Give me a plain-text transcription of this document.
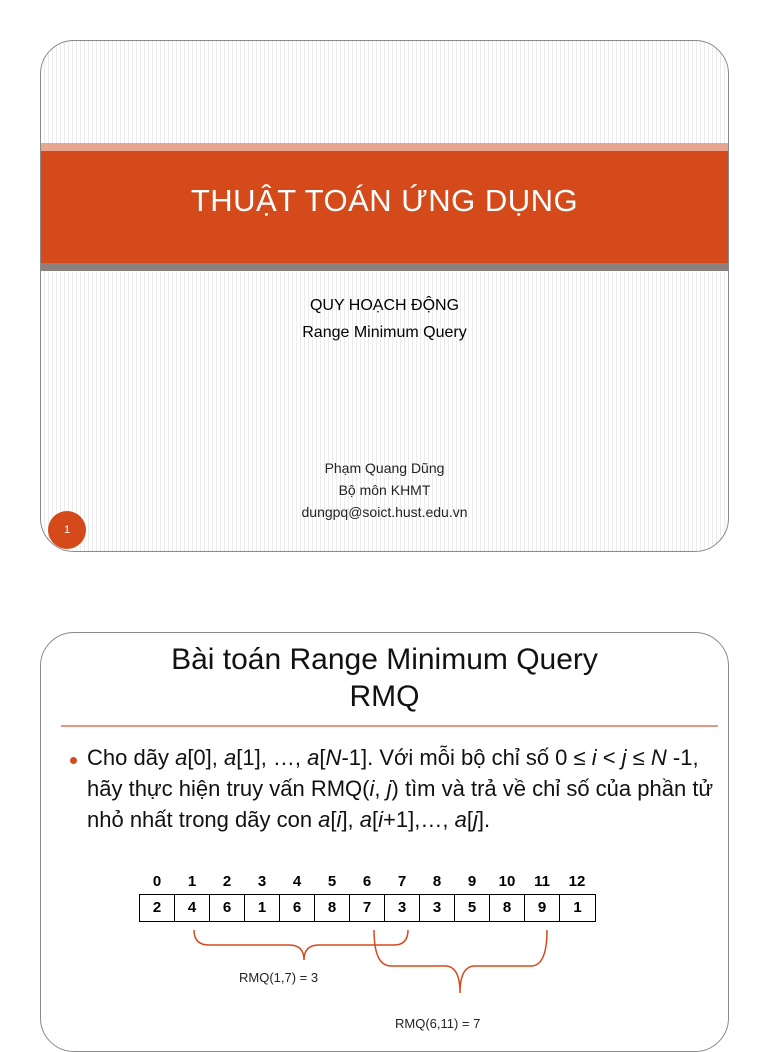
THUẬT TOÁN ỨNG DỤNG
QUY HOẠCH ĐỘNG
Range Minimum Query
Phạm Quang Dũng
Bộ môn KHMT
dungpq@soict.hust.edu.vn
1
Bài toán Range Minimum Query
RMQ
Cho dãy a[0], a[1], …, a[N-1]. Với mỗi bộ chỉ số 0 ≤ i < j ≤ N -1, hãy thực hiện truy vấn RMQ(i, j) tìm và trả về chỉ số của phần tử nhỏ nhất trong dãy con a[i], a[i+1],…, a[j].
0	1	2	3	4	5	6	7	8	9	10	11	12
2	4	6	1	6	8	7	3	3	5	8	9	1
RMQ(1,7) = 3
RMQ(6,11) = 7
